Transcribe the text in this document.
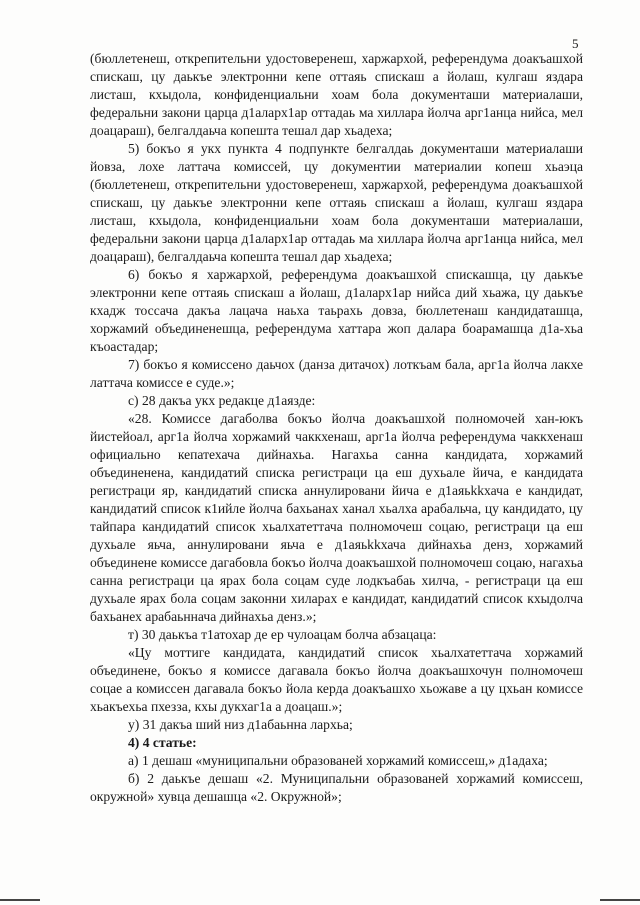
5

(бюллетенеш, открепительни удостоверенеш, харжархой, референдума доакъашхой спискаш, цу даькъе электронни кепе оттаяь спискаш а йолаш, кулгаш яздара листаш, кхыдола, конфиденциальни хоам бола документаши материалаши, федеральни закони царца д1аларх1ар оттадаь ма хиллара йолча арг1анца нийса, мел доацараш), белгалдаьча копешта тешал дар хьадеха;

5) бокъо я укх пункта 4 подпункте белгалдаь документаши материалаши йовза, лохе латтача комиссей, цу документии материалии копеш хьаэца (бюллетенеш, открепительни удостоверенеш, харжархой, референдума доакъашхой спискаш, цу даькъе электронни кепе оттаяь спискаш а йолаш, кулгаш яздара листаш, кхыдола, конфиденциальни хоам бола документаши материалаши, федеральни закони царца д1аларх1ар оттадаь ма хиллара йолча арг1анца нийса, мел доацараш), белгалдаьча копешта тешал дар хьадеха;

6) бокъо я харжархой, референдума доакъашхой спискашца, цу даькъе электронни кепе оттаяь спискаш а йолаш, д1аларх1ар нийса дий хьажа, цу даькъе кхадж тоссача дакъа лацача наьха таьрахь довза, бюллетенаш кандидаташца, хоржамий объединенешца, референдума хаттара жоп далара боарамашца д1а-хьа къоастадар;

7) бокъо я комиссено даьчох (данза дитачох) лоткъам бала, арг1а йолча лакхе латтача комиссе е суде.»;

с) 28 дакъа укх редакце д1аязде:

«28. Комиссе дагаболва бокъо йолча доакъашхой полномочей хан-юкъ йистейоал, арг1а йолча хоржамий чаккхенаш, арг1а йолча референдума чаккхенаш официально кепатехача дийнахьа. Нагахьа санна кандидата, хоржамий объединенена, кандидатий списка регистраци ца еш духьале йича, е кандидата регистраци яр, кандидатий списка аннулировани йича е д1аяьkkхача е кандидат, кандидатий список к1ийле йолча бахьанах ханал хьалха арабальча, цу кандидато, цу тайпара кандидатий список хьалхатеттача полномочеш соцаю, регистраци ца еш духьале яьча, аннулировани яьча е д1аяьkkхача дийнахьа денз, хоржамий объединене комиссе дагабовла бокъо йолча доакъашхой полномочеш соцаю, нагахьа санна регистраци ца ярах бола соцам суде лодкъабаь хилча, - регистраци ца еш духьале ярах бола соцам законни хиларах е кандидат, кандидатий список кхыдолча бахьанех арабаьннача дийнахьа денз.»;

т) 30 даькъа т1атохар де ер чулоацам болча абзацаца:

«Цу моттиге кандидата, кандидатий список хьалхатеттача хоржамий объединене, бокъо я комиссе дагавала бокъо йолча доакъашхочун полномочеш соцае а комиссен дагавала бокъо йола керда доакъашхо хьожаве а цу цхьан комиссе хьакъехьа пхезза, кхы дукхаг1а а доацаш.»;

у) 31 дакъа ший низ д1абаьнна лархьа;

4) 4 статье:

а) 1 дешаш «муниципальни образованей хоржамий комиссеш,» д1адаха;

б) 2 даькъе дешаш «2. Муниципальни образованей хоржамий комиссеш, окружной» хувца дешашца «2. Окружной»;
